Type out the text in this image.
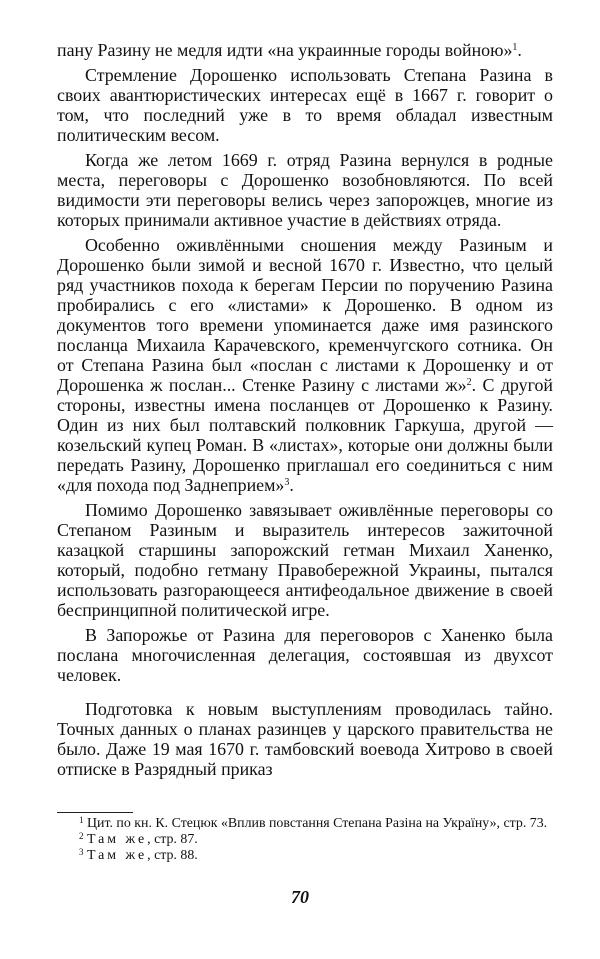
пану Разину не медля идти «на украинные городы войною»$^1$.

Стремление Дорошенко использовать Степана Разина в своих авантюристических интересах ещё в 1667 г. говорит о том, что последний уже в то время обладал известным политическим весом.

Когда же летом 1669 г. отряд Разина вернулся в родные места, переговоры с Дорошенко возобновляются. По всей видимости эти переговоры велись через запорожцев, многие из которых принимали активное участие в действиях отряда.

Особенно оживлёнными сношения между Разиным и Дорошенко были зимой и весной 1670 г. Известно, что целый ряд участников похода к берегам Персии по поручению Разина пробирались с его «листами» к Дорошенко. В одном из документов того времени упоминается даже имя разинского посланца Михаила Карачевского, кременчугского сотника. Он от Степана Разина был «послан с листами к Дорошенку и от Дорошенка ж послан... Стенке Разину с листами ж»$^2$. С другой стороны, известны имена посланцев от Дорошенко к Разину. Один из них был полтавский полковник Гаркуша, другой — козельский купец Роман. В «листах», которые они должны были передать Разину, Дорошенко приглашал его соединиться с ним «для похода под Заднеприем»$^3$.

Помимо Дорошенко завязывает оживлённые переговоры со Степаном Разиным и выразитель интересов зажиточной казацкой старшины запорожский гетман Михаил Ханенко, который, подобно гетману Правобережной Украины, пытался использовать разгорающееся антифеодальное движение в своей беспринципной политической игре.

В Запорожье от Разина для переговоров с Ханенко была послана многочисленная делегация, состоявшая из двухсот человек.

Подготовка к новым выступлениям проводилась тайно. Точных данных о планах разинцев у царского правительства не было. Даже 19 мая 1670 г. тамбовский воевода Хитрово в своей отписке в Разрядный приказ

$^1$ Цит. по кн. К. Стецюк «Вплив повстання Степана Разіна на Україну», стр. 73.

$^2$ Там же, стр. 87.

$^3$ Там же, стр. 88.

70
